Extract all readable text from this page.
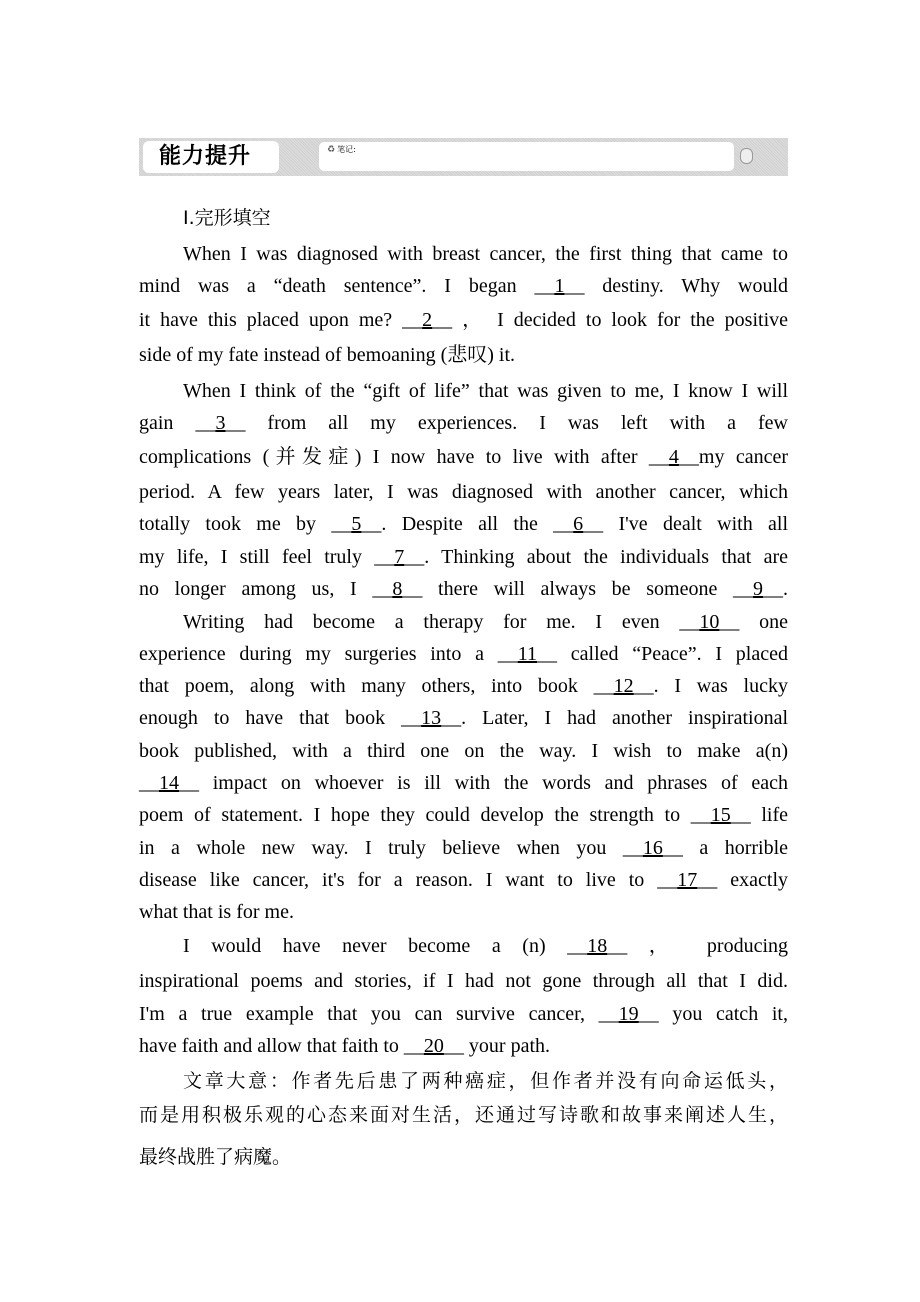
能力提升	♻ 笔记:
Ⅰ.完形填空
When I was diagnosed with breast cancer, the first thing that came to
mind was a “death sentence”. I began __1__ destiny. Why would
it have this placed upon me? __2__ ， I decided to look for the positive
side of my fate instead of bemoaning (悲叹) it.
When I think of the “gift of life” that was given to me, I know I will
gain __3__ from all my experiences. I was left with a few
complications (并发症) I now have to live with after __4__my cancer
period. A few years later, I was diagnosed with another cancer, which
totally took me by __5__. Despite all the __6__ I've dealt with all
my life, I still feel truly __7__. Thinking about the individuals that are
no longer among us, I __8__ there will always be someone __9__.
Writing had become a therapy for me. I even __10__ one
experience during my surgeries into a __11__ called “Peace”. I placed
that poem, along with many others, into book __12__. I was lucky
enough to have that book __13__. Later, I had another inspirational
book published, with a third one on the way. I wish to make a(n)
__14__ impact on whoever is ill with the words and phrases of each
poem of statement. I hope they could develop the strength to __15__ life
in a whole new way. I truly believe when you __16__ a horrible
disease like cancer, it's for a reason. I want to live to __17__ exactly
what that is for me.
I would have never become a (n) __18__ ， producing
inspirational poems and stories, if I had not gone through all that I did.
I'm a true example that you can survive cancer, __19__ you catch it,
have faith and allow that faith to __20__ your path.
文章大意：作者先后患了两种癌症，但作者并没有向命运低头，
而是用积极乐观的心态来面对生活，还通过写诗歌和故事来阐述人生，
最终战胜了病魔。
